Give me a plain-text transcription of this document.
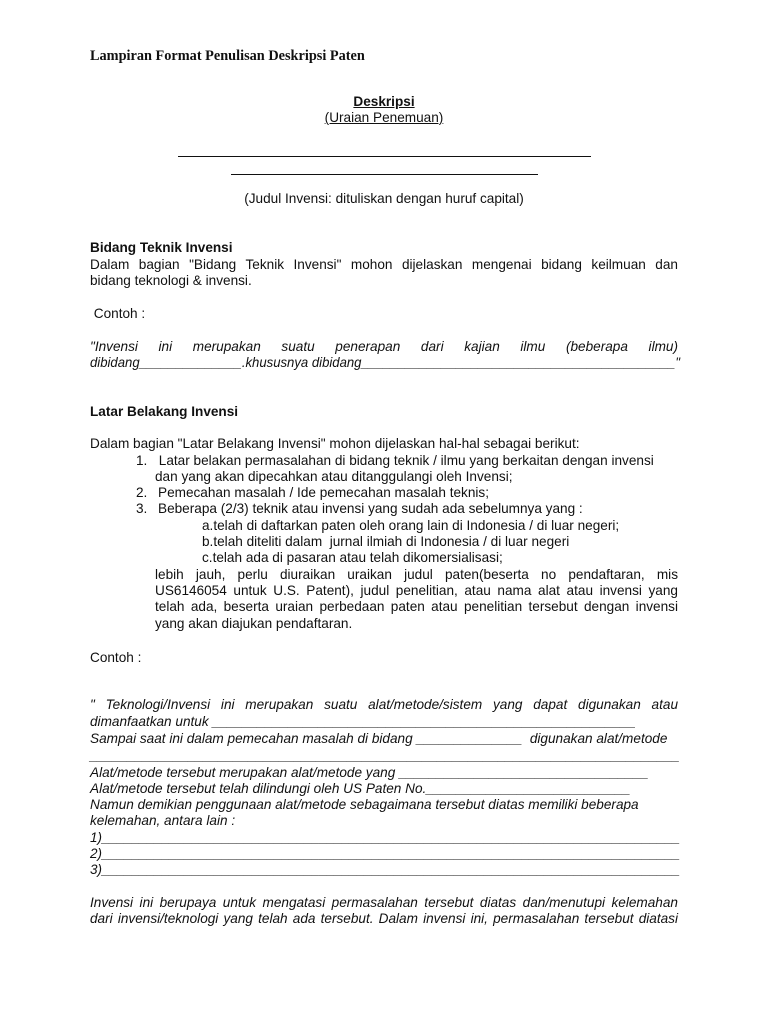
Lampiran Format Penulisan Deskripsi Paten
Deskripsi
(Uraian Penemuan)
(Judul Invensi: dituliskan dengan huruf capital)
Bidang Teknik Invensi
Dalam bagian "Bidang Teknik Invensi" mohon dijelaskan mengenai bidang keilmuan dan
bidang teknologi & invensi.
Contoh :
"Invensi ini merupakan suatu penerapan dari kajian ilmu (beberapa ilmu)
dibidang______________.khususnya dibidang___________________________________________"
Latar Belakang Invensi
Dalam bagian "Latar Belakang Invensi" mohon dijelaskan hal-hal sebagai berikut:
1. Latar belakan permasalahan di bidang teknik / ilmu yang berkaitan dengan invensi
dan yang akan dipecahkan atau ditanggulangi oleh Invensi;
2. Pemecahan masalah / Ide pemecahan masalah teknis;
3. Beberapa (2/3) teknik atau invensi yang sudah ada sebelumnya yang :
a.telah di daftarkan paten oleh orang lain di Indonesia / di luar negeri;
b.telah diteliti dalam  jurnal ilmiah di Indonesia / di luar negeri
c.telah ada di pasaran atau telah dikomersialisasi;
lebih jauh, perlu diuraikan uraikan judul paten(beserta no pendaftaran, mis
US6146054 untuk U.S. Patent), judul penelitian, atau nama alat atau invensi yang
telah ada, beserta uraian perbedaan paten atau penelitian tersebut dengan invensi
yang akan diajukan pendaftaran.
Contoh :
" Teknologi/Invensi ini merupakan suatu alat/metode/sistem yang dapat digunakan atau
dimanfaatkan untuk ________________________________________________________
Sampai saat ini dalam pemecahan masalah di bidang ______________  digunakan alat/metode
______________________________________________________________________________
Alat/metode tersebut merupakan alat/metode yang _________________________________
Alat/metode tersebut telah dilindungi oleh US Paten No.___________________________
Namun demikian penggunaan alat/metode sebagaimana tersebut diatas memiliki beberapa
kelemahan, antara lain :
1)_____________________________________________________________________________
2)_____________________________________________________________________________
3)_____________________________________________________________________________
Invensi ini berupaya untuk mengatasi permasalahan tersebut diatas dan/menutupi kelemahan
dari invensi/teknologi yang telah ada tersebut. Dalam invensi ini, permasalahan tersebut diatasi
